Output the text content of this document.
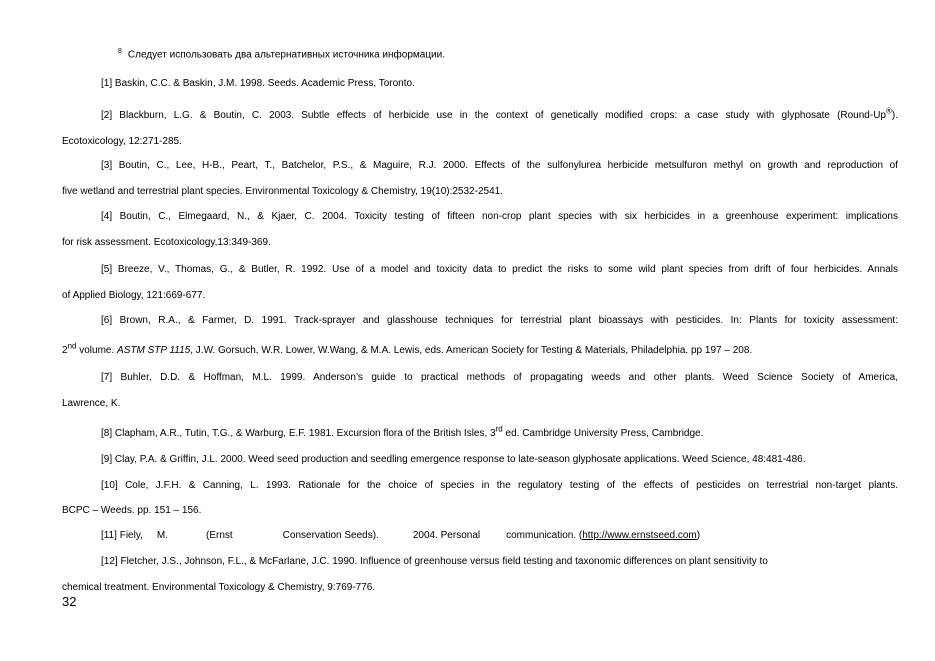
$^8$ Следует использовать два альтернативных источника информации.
[1] Baskin, C.C. & Baskin, J.M. 1998. Seeds. Academic Press, Toronto.
[2] Blackburn, L.G. & Boutin, C. 2003. Subtle effects of herbicide use in the context of genetically modified crops: a case study with glyphosate (Round-Up®).
Ecotoxicology, 12:271-285.
[3] Boutin, C., Lee, H-B., Peart, T., Batchelor, P.S., & Maguire, R.J. 2000. Effects of the sulfonylurea herbicide metsulfuron methyl on growth and reproduction of
five wetland and terrestrial plant species. Environmental Toxicology & Chemistry, 19(10):2532-2541.
[4] Boutin, C., Elmegaard, N., & Kjaer, C. 2004. Toxicity testing of fifteen non-crop plant species with six herbicides in a greenhouse experiment: implications
for risk assessment. Ecotoxicology,13:349-369.
[5] Breeze, V., Thomas, G., & Butler, R. 1992. Use of a model and toxicity data to predict the risks to some wild plant species from drift of four herbicides. Annals
of Applied Biology, 121:669-677.
[6] Brown, R.A., & Farmer, D. 1991. Track-sprayer and glasshouse techniques for terrestrial plant bioassays with pesticides. In: Plants for toxicity assessment:
2nd volume. ASTM STP 1115, J.W. Gorsuch, W.R. Lower, W.Wang, & M.A. Lewis, eds. American Society for Testing & Materials, Philadelphia. pp 197 – 208.
[7] Buhler, D.D. & Hoffman, M.L. 1999. Anderson’s guide to practical methods of propagating weeds and other plants. Weed Science Society of America,
Lawrence, K.
[8] Clapham, A.R., Tutin, T.G., & Warburg, E.F. 1981. Excursion flora of the British Isles, 3rd ed. Cambridge University Press, Cambridge.
[9] Clay, P.A. & Griffin, J.L. 2000. Weed seed production and seedling emergence response to late-season glyphosate applications. Weed Science, 48:481-486.
[10] Cole, J.F.H. & Canning, L. 1993. Rationale for the choice of species in the regulatory testing of the effects of pesticides on terrestrial non-target plants.
BCPC – Weeds. pp. 151 – 156.
[11] Fiely, M.	(Ernst	Conservation Seeds).	2004. Personal	communication. (http://www.ernstseed.com)
[12] Fletcher, J.S., Johnson, F.L., & McFarlane, J.C. 1990. Influence of greenhouse versus field testing and taxonomic differences on plant sensitivity to
chemical treatment. Environmental Toxicology & Chemistry, 9:769-776.
32
